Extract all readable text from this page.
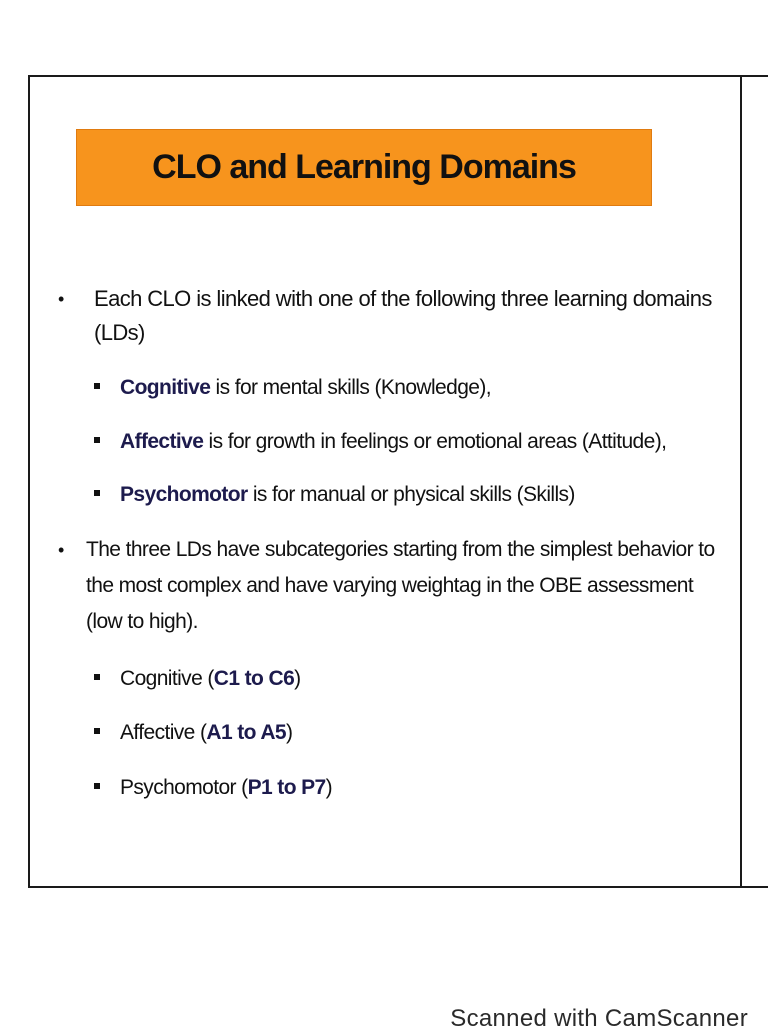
CLO and Learning Domains
• Each CLO is linked with one of the following three learning domains (LDs)
Cognitive is for mental skills (Knowledge),
Affective is for growth in feelings or emotional areas (Attitude),
Psychomotor is for manual or physical skills (Skills)
• The three LDs have subcategories starting from the simplest behavior to the most complex and have varying weightag in the OBE assessment (low to high).
Cognitive (C1 to C6)
Affective (A1 to A5)
Psychomotor (P1 to P7)
Scanned with CamScanner
